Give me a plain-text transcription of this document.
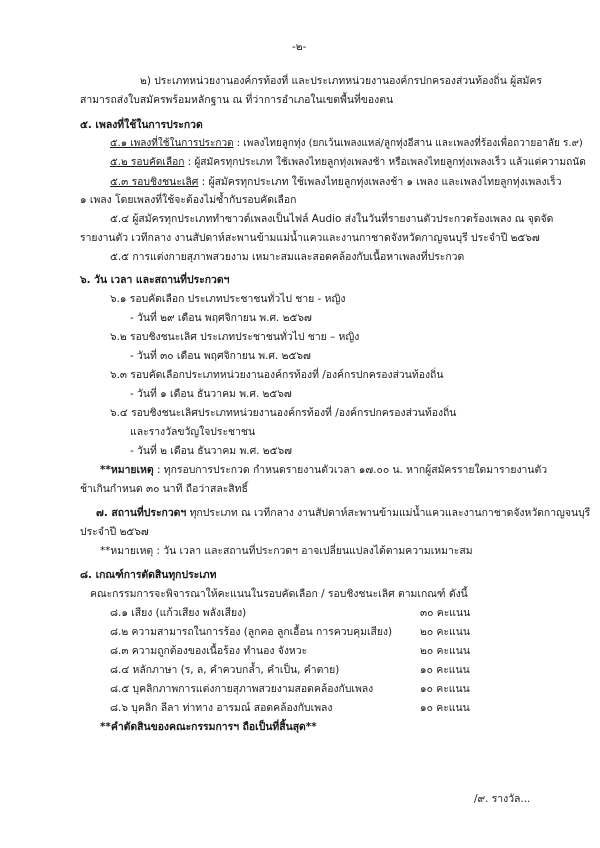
-๒-
๒) ประเภทหน่วยงานองค์กรท้องที่ และประเภทหน่วยงานองค์กรปกครองส่วนท้องถิ่น ผู้สมัคร
สามารถส่งใบสมัครพร้อมหลักฐาน ณ ที่ว่าการอำเภอในเขตพื้นที่ของตน
๕. เพลงที่ใช้ในการประกวด
๕.๑ เพลงที่ใช้ในการประกวด : เพลงไทยลูกทุ่ง (ยกเว้นเพลงแหล่/ลูกทุ่งอีสาน และเพลงที่ร้องเพื่อถวายอาลัย ร.๙)
๕.๒ รอบคัดเลือก : ผู้สมัครทุกประเภท ใช้เพลงไทยลูกทุ่งเพลงช้า หรือเพลงไทยลูกทุ่งเพลงเร็ว แล้วแต่ความถนัด
๕.๓ รอบชิงชนะเลิศ : ผู้สมัครทุกประเภท ใช้เพลงไทยลูกทุ่งเพลงช้า ๑ เพลง และเพลงไทยลูกทุ่งเพลงเร็ว
๑ เพลง โดยเพลงที่ใช้จะต้องไม่ซ้ำกับรอบคัดเลือก
๕.๔ ผู้สมัครทุกประเภททำซาวด์เพลงเป็นไฟล์ Audio ส่งในวันที่รายงานตัวประกวดร้องเพลง ณ จุดจัด
รายงานตัว เวทีกลาง งานสัปดาห์สะพานข้ามแม่น้ำแควและงานกาชาดจังหวัดกาญจนบุรี ประจำปี ๒๕๖๗
๕.๕ การแต่งกายสุภาพสวยงาม เหมาะสมและสอดคล้องกับเนื้อหาเพลงที่ประกวด
๖. วัน เวลา และสถานที่ประกวดฯ
๖.๑ รอบคัดเลือก ประเภทประชาชนทั่วไป ชาย - หญิง
- วันที่ ๒๙ เดือน พฤศจิกายน พ.ศ. ๒๕๖๗
๖.๒ รอบชิงชนะเลิศ ประเภทประชาชนทั่วไป ชาย – หญิง
- วันที่ ๓๐ เดือน พฤศจิกายน พ.ศ. ๒๕๖๗
๖.๓ รอบคัดเลือกประเภทหน่วยงานองค์กรท้องที่ /องค์กรปกครองส่วนท้องถิ่น
- วันที่ ๑ เดือน ธันวาคม พ.ศ. ๒๕๖๗
๖.๔ รอบชิงชนะเลิศประเภทหน่วยงานองค์กรท้องที่ /องค์กรปกครองส่วนท้องถิ่น
และรางวัลขวัญใจประชาชน
- วันที่ ๒ เดือน ธันวาคม พ.ศ. ๒๕๖๗
**หมายเหตุ : ทุกรอบการประกวด กำหนดรายงานตัวเวลา ๑๗.๐๐ น. หากผู้สมัครรายใดมารายงานตัว
ช้าเกินกำหนด ๓๐ นาที ถือว่าสละสิทธิ์
๗. สถานที่ประกวดฯ ทุกประเภท ณ เวทีกลาง งานสัปดาห์สะพานข้ามแม่น้ำแควและงานกาชาดจังหวัดกาญจนบุรี
ประจำปี ๒๕๖๗
**หมายเหตุ : วัน เวลา และสถานที่ประกวดฯ อาจเปลี่ยนแปลงได้ตามความเหมาะสม
๘. เกณฑ์การตัดสินทุกประเภท
คณะกรรมการจะพิจารณาให้คะแนนในรอบคัดเลือก / รอบชิงชนะเลิศ ตามเกณฑ์ ดังนี้
๘.๑ เสียง (แก้วเสียง พลังเสียง)	๓๐ คะแนน
๘.๒ ความสามารถในการร้อง (ลูกคอ ลูกเอื้อน การควบคุมเสียง)	๒๐ คะแนน
๘.๓ ความถูกต้องของเนื้อร้อง ทำนอง จังหวะ	๒๐ คะแนน
๘.๔ หลักภาษา (ร, ล, คำควบกล้ำ, คำเป็น, คำตาย)	๑๐ คะแนน
๘.๕ บุคลิกภาพการแต่งกายสุภาพสวยงามสอดคล้องกับเพลง	๑๐ คะแนน
๘.๖ บุคลิก ลีลา ท่าทาง อารมณ์ สอดคล้องกับเพลง	๑๐ คะแนน
**คำตัดสินของคณะกรรมการฯ ถือเป็นที่สิ้นสุด**
/๙. รางวัล...
